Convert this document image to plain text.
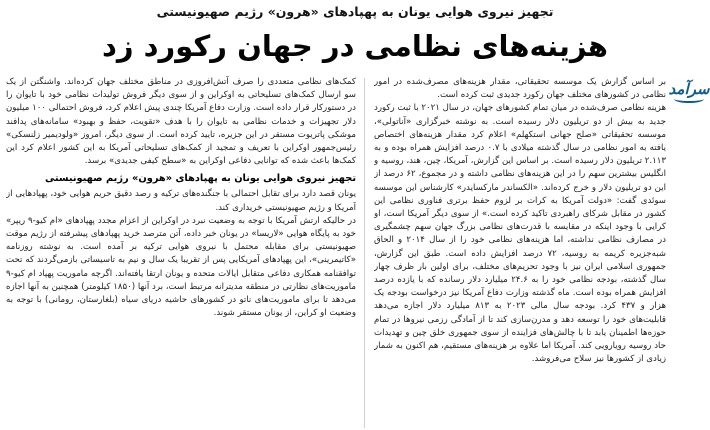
تجهیز نیروی هوایی یونان به پهپادهای «هرون» رژیم صهیونیستی
هزینه‌های نظامی در جهان رکورد زد
سرآمد

بر اساس گزارش یک موسسه تحقیقاتی، مقدار هزینه‌های مصرف‌شده در امور نظامی در کشورهای مختلف جهان رکورد جدیدی ثبت کرده است.

هزینه نظامی صرف‌شده در میان تمام کشورهای جهان، در سال ۲۰۲۱ با ثبت رکورد جدید به بیش از دو تریلیون دلار رسیده است. به نوشته خبرگزاری «آناتولی»، موسسه تحقیقاتی «صلح جهانی استکهلم» اعلام کرد مقدار هزینه‌های اختصاص یافته به امور نظامی در سال گذشته میلادی با ۰.۷ درصد افزایش همراه بوده و به ۲.۱۱۳ تریلیون دلار رسیده است. بر اساس این گزارش، آمریکا، چین، هند، روسیه و انگلیس بیشترین سهم را در این هزینه‌های نظامی داشته و در مجموع، ۶۲ درصد از این دو تریلیون دلار و خرج کرده‌اند. «الکساندر مارکسایدر» کارشناس این موسسه سوئدی گفت: «دولت آمریکا به کرات بر لزوم حفظ برتری فناوری نظامی این کشور در مقابل شرکای راهبردی تاکید کرده است.» از سوی دیگر آمریکا است، او کرایی با وجود اینکه در مقایسه با قدرت‌های نظامی بزرگ جهان سهم چشمگیری در مصارف نظامی نداشته، اما هزینه‌های نظامی خود را از سال ۲۰۱۴ و الحاق شبه‌جزیره کریمه به روسیه، ۷۲ درصد افزایش داده است. طبق این گزارش، جمهوری اسلامی ایران نیز با وجود تحریم‌های مختلف، برای اولین بار ظرف چهار سال گذشته، بودجه نظامی خود را به ۲۴.۶ میلیارد دلار رسانده که با یازده درصد افزایش همراه بوده است. ماه گذشته وزارت دفاع آمریکا نیز درخواست بودجه یک هزار و ۴۳۷ کرد. بودجه سال مالی ۲۰۲۳ به ۸۱۳ میلیارد دلار اجازه می‌دهد قابلیت‌های خود را توسعه دهد و مدرن‌سازی کند تا از آمادگی رزمی نیروها در تمام حوزه‌ها اطمینان یابد تا با چالش‌های فزاینده از سوی جمهوری خلق چین و تهدیدات حاد روسیه رویارویی کند. آمریکا اما علاوه بر هزینه‌های مستقیم، هم اکنون به شمار زیادی از کشورها نیز سلاح می‌فروشد.

کمک‌های نظامی متعددی را صرف آتش‌افروزی در مناطق مختلف جهان کرده‌اند. واشنگتن از یک سو ارسال کمک‌های تسلیحاتی به اوکراین و از سوی دیگر فروش تولیدات نظامی خود با تایوان را در دستورکار قرار داده است. وزارت دفاع آمریکا چندی پیش اعلام کرد، فروش احتمالی ۱۰۰ میلیون دلار تجهیزات و خدمات نظامی به تایوان را با هدف «تقویت، حفظ و بهبود» سامانه‌های پدافند موشکی پاتریوت مستقر در این جزیره، تایید کرده است. از سوی دیگر، امروز «ولودیمیر زلنسکی» رئیس‌جمهور اوکراین با تعریف و تمجید از کمک‌های تسلیحاتی آمریکا به این کشور اعلام کرد این کمک‌ها باعث شده که توانایی دفاعی اوکراین به «سطح کیفی جدیدی» برسد.

تجهیز نیروی هوایی یونان به پهپادهای «هرون» رژیم صهیونیستی

یونان قصد دارد برای تقابل احتمالی با جنگنده‌های ترکیه و رصد دقیق حریم هوایی خود، پهپادهایی از آمریکا و رژیم صهیونیستی خریداری کند.

در حالیکه ارتش آمریکا با توجه به وضعیت نبرد در اوکراین از اعزام مجدد پهپادهای «ام کیو-۹ ریپر» خود به پایگاه هوایی «لاریسا» در یونان خبر داده، آتن مترصد خرید پهپادهای پیشرفته از رژیم موقت صهیونیستی برای مقابله محتمل با نیروی هوایی ترکیه بر آمده است. به نوشته روزنامه «کاتیمرینی»، این پهپادهای آمریکایی پس از تقریبا یک سال و نیم به تاسیساتی بازمی‌گردند که تحت توافقنامه همکاری دفاعی متقابل ایالات متحده و یونان ارتقا یافته‌اند. اگرچه ماموریت پهپاد ام کیو-۹ ماموریت‌های نظارتی در منطقه مدیترانه مرتبط است، برد آنها (۱۸۵۰ کیلومتر) همچنین به آنها اجازه می‌دهد تا برای ماموریت‌های ناتو در کشورهای حاشیه دریای سیاه (بلغارستان، رومانی) با توجه به وضعیت او کراین، از یونان مستقر شوند.
